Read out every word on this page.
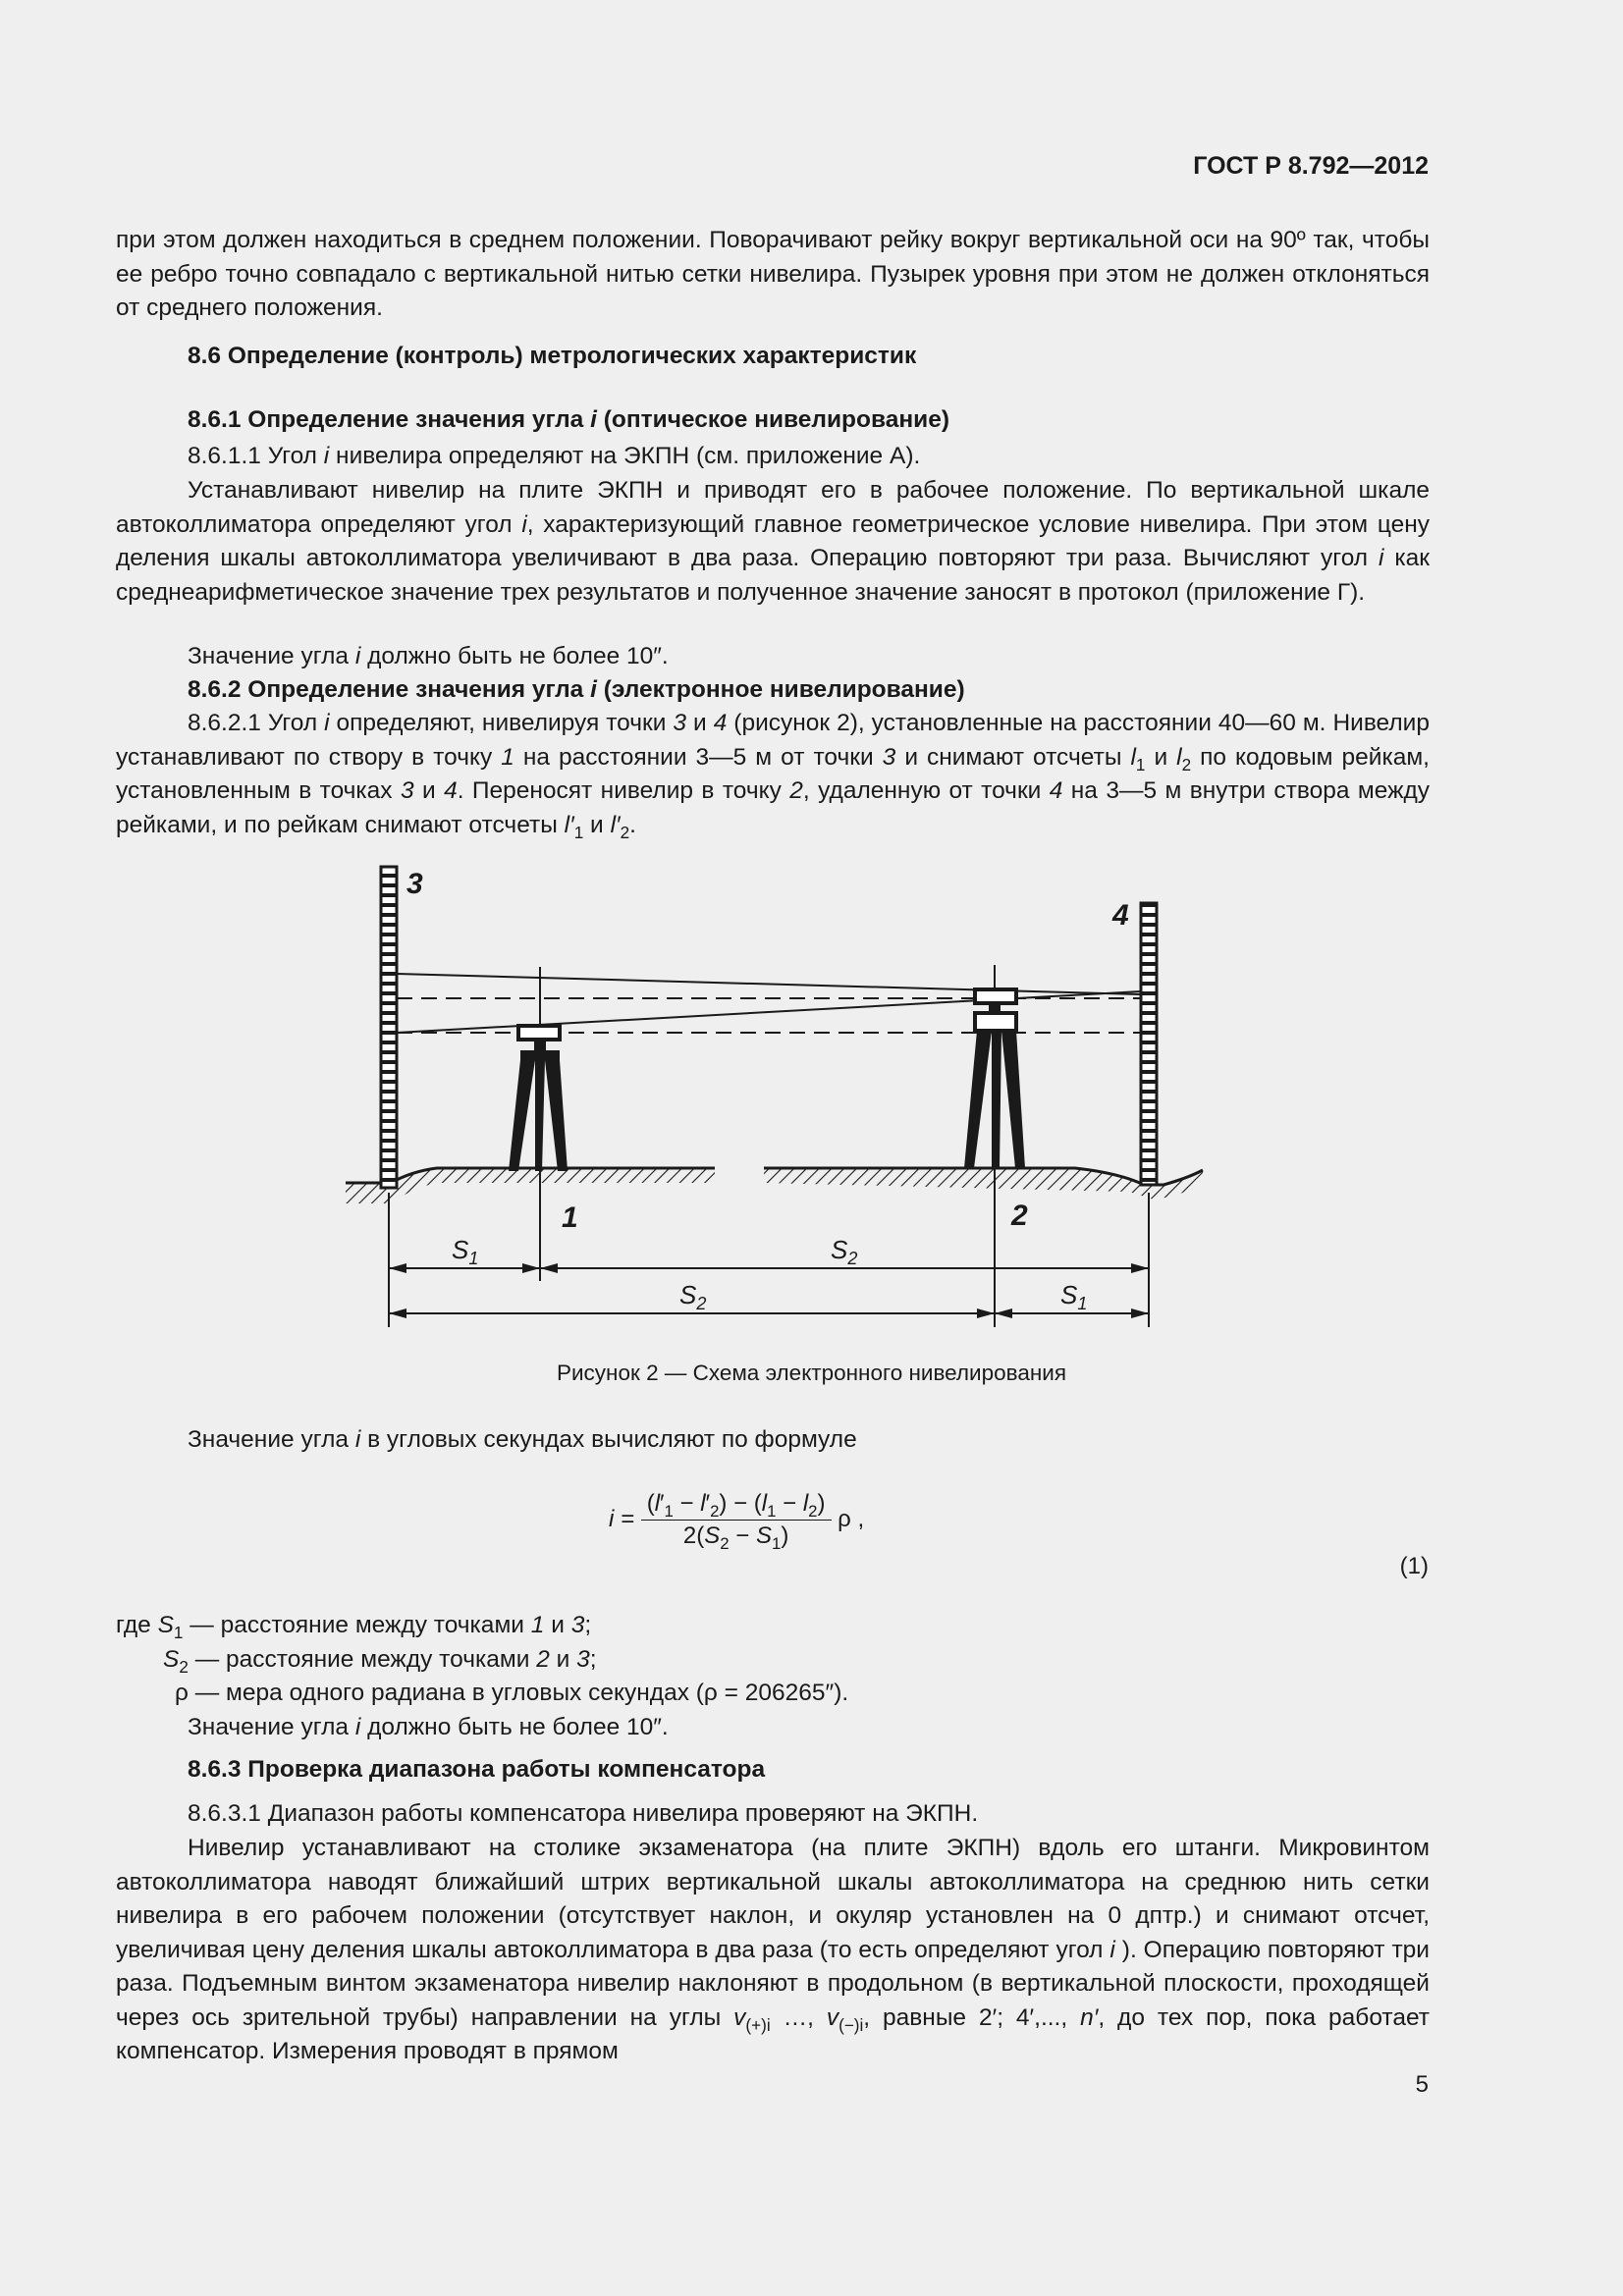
ГОСТ Р 8.792—2012

при этом должен находиться в среднем положении. Поворачивают рейку вокруг вертикальной оси на 90º так, чтобы ее ребро точно совпадало с вертикальной нитью сетки нивелира. Пузырек уровня при этом не должен отклоняться от среднего положения.

8.6 Определение (контроль) метрологических характеристик

8.6.1 Определение значения угла i (оптическое нивелирование)

8.6.1.1 Угол i нивелира определяют на ЭКПН (см. приложение А).

Устанавливают нивелир на плите ЭКПН и приводят его в рабочее положение. По вертикальной шкале автоколлиматора определяют угол i, характеризующий главное геометрическое условие нивелира. При этом цену деления шкалы автоколлиматора увеличивают в два раза. Операцию повторяют три раза. Вычисляют угол i как среднеарифметическое значение трех результатов и полученное значение заносят в протокол (приложение Г).

Значение угла i должно быть не более 10″.

8.6.2 Определение значения угла i (электронное нивелирование)

8.6.2.1 Угол i определяют, нивелируя точки 3 и 4 (рисунок 2), установленные на расстоянии 40—60 м. Нивелир устанавливают по створу в точку 1 на расстоянии 3—5 м от точки 3 и снимают отсчеты $l_1$ и $l_2$ по кодовым рейкам, установленным в точках 3 и 4. Переносят нивелир в точку 2, удаленную от точки 4 на 3—5 м внутри створа между рейками, и по рейкам снимают отсчеты $l'_1$ и $l'_2$.

3
4
1	2
$S_1$	$S_2$
$S_2$	$S_1$
Рисунок 2 — Схема электронного нивелирования

Значение угла i в угловых секундах вычисляют по формуле

$i = \frac{(l'_1 - l'_2) - (l_1 - l_2)}{2(S_2 - S_1)}$ ρ ,
(1)
где $S_1$ — расстояние между точками 1 и 3;
$S_2$ — расстояние между точками 2 и 3;
ρ — мера одного радиана в угловых секундах (ρ = 206265″).
Значение угла i должно быть не более 10″.

8.6.3 Проверка диапазона работы компенсатора

8.6.3.1 Диапазон работы компенсатора нивелира проверяют на ЭКПН.

Нивелир устанавливают на столике экзаменатора (на плите ЭКПН) вдоль его штанги. Микровинтом автоколлиматора наводят ближайший штрих вертикальной шкалы автоколлиматора на среднюю нить сетки нивелира в его рабочем положении (отсутствует наклон, и окуляр установлен на 0 дптр.) и снимают отсчет, увеличивая цену деления шкалы автоколлиматора в два раза (то есть определяют угол i ). Операцию повторяют три раза. Подъемным винтом экзаменатора нивелир наклоняют в продольном (в вертикальной плоскости, проходящей через ось зрительной трубы) направлении на углы $v_{(+)i}$ …, $v_{(-)i}$, равные 2′; 4′,..., n′, до тех пор, пока работает компенсатор. Измерения проводят в прямом

5
